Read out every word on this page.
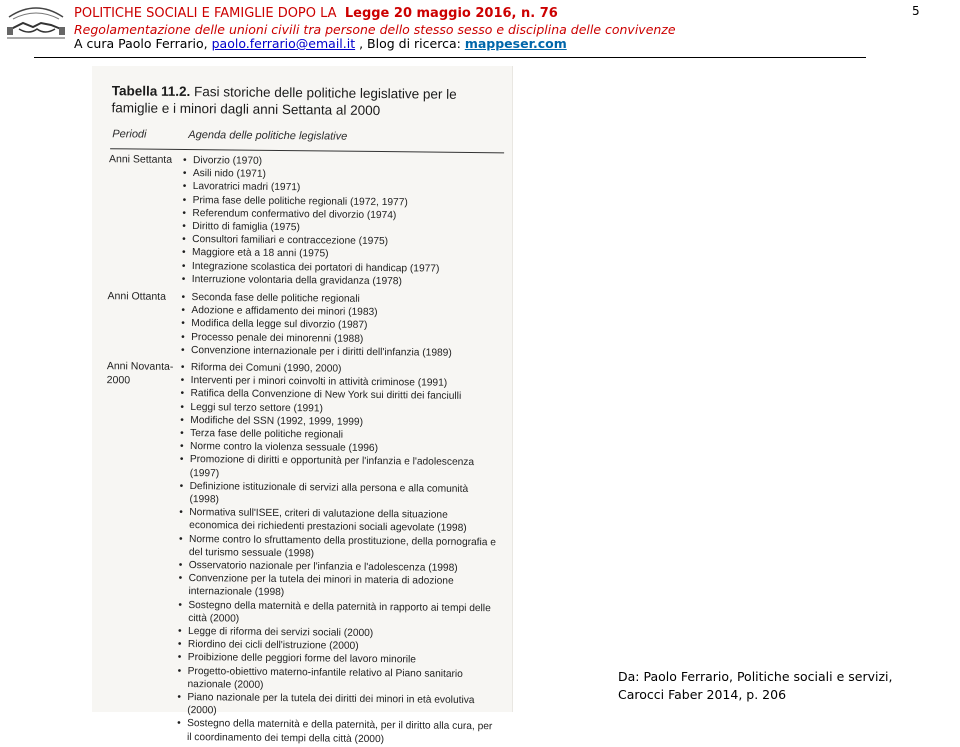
POLITICHE SOCIALI E FAMIGLIE DOPO LA Legge 20 maggio 2016, n. 76
Regolamentazione delle unioni civili tra persone dello stesso sesso e disciplina delle convivenze
A cura Paolo Ferrario, paolo.ferrario@email.it , Blog di ricerca: mappeser.com
5
Tabella 11.2. Fasi storiche delle politiche legislative per le famiglie e i minori dagli anni Settanta al 2000
Periodi	Agenda delle politiche legislative
Anni Settanta	• Divorzio (1970)

• Asili nido (1971)

• Lavoratrici madri (1971)

• Prima fase delle politiche regionali (1972, 1977)

• Referendum confermativo del divorzio (1974)

• Diritto di famiglia (1975)

• Consultori familiari e contraccezione (1975)

• Maggiore età a 18 anni (1975)

• Integrazione scolastica dei portatori di handicap (1977)

• Interruzione volontaria della gravidanza (1978)

Anni Ottanta	• Seconda fase delle politiche regionali

• Adozione e affidamento dei minori (1983)

• Modifica della legge sul divorzio (1987)

• Processo penale dei minorenni (1988)

• Convenzione internazionale per i diritti dell'infanzia (1989)

Anni Novanta-2000

• Riforma dei Comuni (1990, 2000)

• Interventi per i minori coinvolti in attività criminose (1991)

• Ratifica della Convenzione di New York sui diritti dei fanciulli

• Leggi sul terzo settore (1991)

• Modifiche del SSN (1992, 1999, 1999)

• Terza fase delle politiche regionali

• Norme contro la violenza sessuale (1996)

• Promozione di diritti e opportunità per l'infanzia e l'adolescenza (1997)

• Definizione istituzionale di servizi alla persona e alla comunità (1998)

• Normativa sull'ISEE, criteri di valutazione della situazione economica dei richiedenti prestazioni sociali agevolate (1998)

• Norme contro lo sfruttamento della prostituzione, della pornografia e del turismo sessuale (1998)

• Osservatorio nazionale per l'infanzia e l'adolescenza (1998)

• Convenzione per la tutela dei minori in materia di adozione internazionale (1998)

• Sostegno della maternità e della paternità in rapporto ai tempi delle città (2000)

• Legge di riforma dei servizi sociali (2000)

• Riordino dei cicli dell'istruzione (2000)

• Proibizione delle peggiori forme del lavoro minorile

• Progetto-obiettivo materno-infantile relativo al Piano sanitario nazionale (2000)

• Piano nazionale per la tutela dei diritti dei minori in età evolutiva (2000)

• Sostegno della maternità e della paternità, per il diritto alla cura, per il coordinamento dei tempi della città (2000)

Da: Paolo Ferrario, Politiche sociali e servizi,
Carocci Faber 2014, p. 206
